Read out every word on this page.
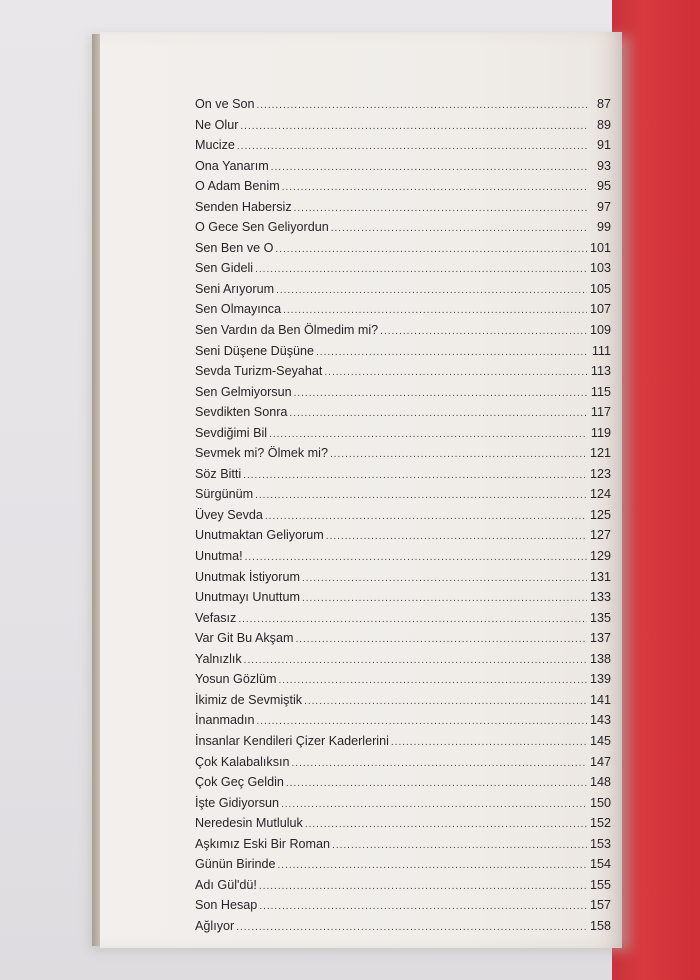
On ve Son .....	87
Ne Olur .....	89
Mucize .....	91
Ona Yanarım .....	93
O Adam Benim .....	95
Senden Habersiz .....	97
O Gece Sen Geliyordun .....	99
Sen Ben ve O .....	101
Sen Gideli .....	103
Seni Arıyorum .....	105
Sen Olmayınca .....	107
Sen Vardın da Ben Ölmedim mi? .....	109
Seni Düşene Düşüne .....	111
Sevda Turizm-Seyahat .....	113
Sen Gelmiyorsun .....	115
Sevdikten Sonra .....	117
Sevdiğimi Bil .....	119
Sevmek mi? Ölmek mi? .....	121
Söz Bitti .....	123
Sürgünüm .....	124
Üvey Sevda .....	125
Unutmaktan Geliyorum .....	127
Unutma! .....	129
Unutmak İstiyorum .....	131
Unutmayı Unuttum .....	133
Vefasız .....	135
Var Git Bu Akşam .....	137
Yalnızlık .....	138
Yosun Gözlüm .....	139
İkimiz de Sevmiştik .....	141
İnanmadın .....	143
İnsanlar Kendileri Çizer Kaderlerini .....	145
Çok Kalabalıksın .....	147
Çok Geç Geldin .....	148
İşte Gidiyorsun .....	150
Neredesin Mutluluk .....	152
Aşkımız Eski Bir Roman .....	153
Günün Birinde .....	154
Adı Gül'dü! .....	155
Son Hesap .....	157
Ağlıyor .....	158
